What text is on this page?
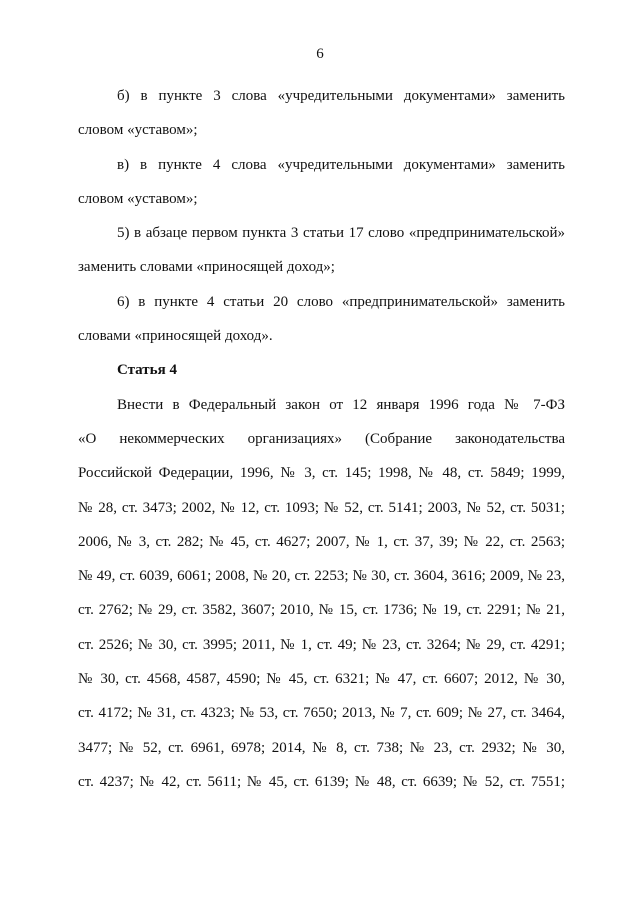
6
б) в пункте 3 слова «учредительными документами» заменить
словом «уставом»;
в) в пункте 4 слова «учредительными документами» заменить
словом «уставом»;
5) в абзаце первом пункта 3 статьи 17 слово «предпринимательской»
заменить словами «приносящей доход»;
6) в пункте 4 статьи 20 слово «предпринимательской» заменить
словами «приносящей доход».
Статья 4
Внести в Федеральный закон от 12 января 1996 года № 7-ФЗ
«О некоммерческих организациях» (Собрание законодательства
Российской Федерации, 1996, № 3, ст. 145; 1998, № 48, ст. 5849; 1999,
№ 28, ст. 3473; 2002, № 12, ст. 1093; № 52, ст. 5141; 2003, № 52, ст. 5031;
2006, № 3, ст. 282; № 45, ст. 4627; 2007, № 1, ст. 37, 39; № 22, ст. 2563;
№ 49, ст. 6039, 6061; 2008, № 20, ст. 2253; № 30, ст. 3604, 3616; 2009, № 23,
ст. 2762; № 29, ст. 3582, 3607; 2010, № 15, ст. 1736; № 19, ст. 2291; № 21,
ст. 2526; № 30, ст. 3995; 2011, № 1, ст. 49; № 23, ст. 3264; № 29, ст. 4291;
№ 30, ст. 4568, 4587, 4590; № 45, ст. 6321; № 47, ст. 6607; 2012, № 30,
ст. 4172; № 31, ст. 4323; № 53, ст. 7650; 2013, № 7, ст. 609; № 27, ст. 3464,
3477; № 52, ст. 6961, 6978; 2014, № 8, ст. 738; № 23, ст. 2932; № 30,
ст. 4237; № 42, ст. 5611; № 45, ст. 6139; № 48, ст. 6639; № 52, ст. 7551;
